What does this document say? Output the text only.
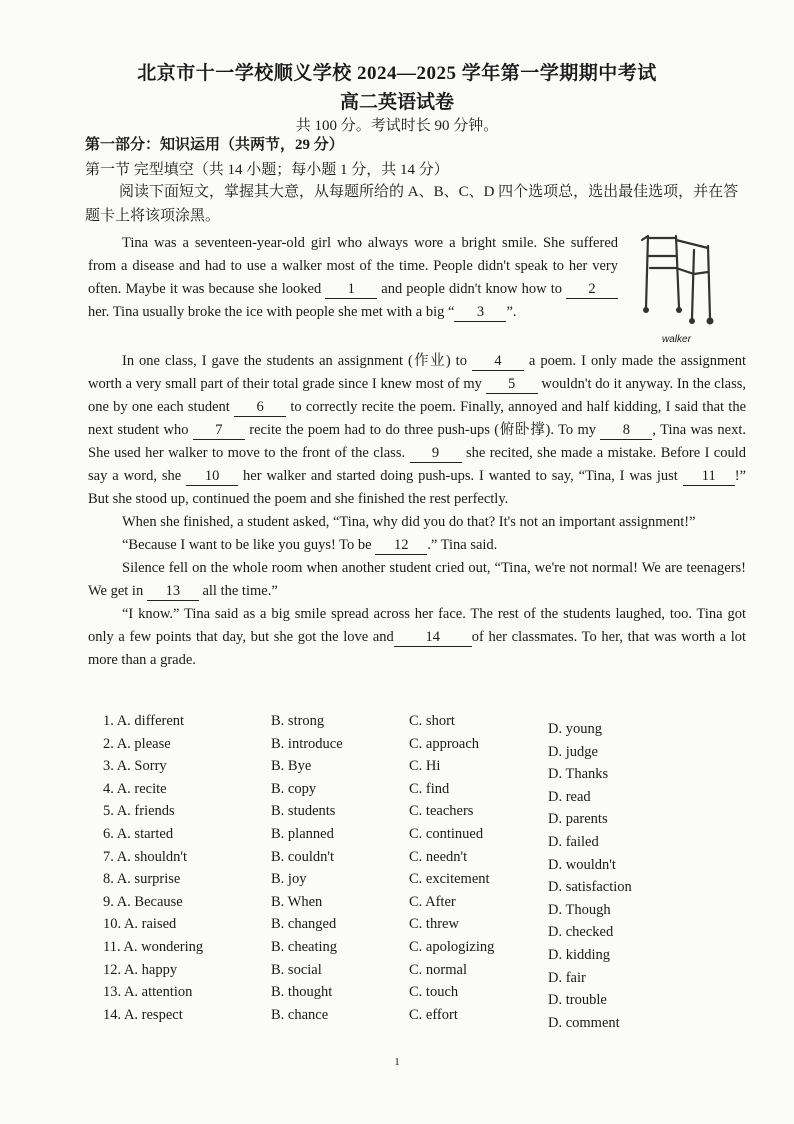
北京市十一学校顺义学校 2024—2025 学年第一学期期中考试
高二英语试卷
共 100 分。考试时长 90 分钟。
第一部分：知识运用（共两节，29 分）
第一节 完型填空（共 14 小题；每小题 1 分，共 14 分）
阅读下面短文，掌握其大意，从每题所给的 A、B、C、D 四个选项总，选出最佳选项，并在答题卡上将该项涂黑。
walker

Tina was a seventeen-year-old girl who always wore a bright smile. She suffered from a disease and had to use a walker most of the time. People didn't speak to her very often. Maybe it was because she looked 1 and people didn't know how to 2 her. Tina usually broke the ice with people she met with a big “ 3 ”.

In one class, I gave the students an assignment (作业) to 4 a poem. I only made the assignment worth a very small part of their total grade since I knew most of my 5 wouldn't do it anyway. In the class, one by one each student 6 to correctly recite the poem. Finally, annoyed and half kidding, I said that the next student who 7 recite the poem had to do three push-ups (俯卧撑). To my 8 , Tina was next. She used her walker to move to the front of the class. 9 she recited, she made a mistake. Before I could say a word, she 10 her walker and started doing push-ups. I wanted to say, “Tina, I was just 11 !” But she stood up, continued the poem and she finished the rest perfectly.

When she finished, a student asked, “Tina, why did you do that? It's not an important assignment!”

“Because I want to be like you guys! To be 12 .” Tina said.

Silence fell on the whole room when another student cried out, “Tina, we're not normal! We are teenagers! We get in 13 all the time.”

“I know.” Tina said as a big smile spread across her face. The rest of the students laughed, too. Tina got only a few points that day, but she got the love and 14 of her classmates. To her, that was worth a lot more than a grade.

1. A. different	B. strong	C. short	D. young
2. A. please	B. introduce	C. approach	D. judge
3. A. Sorry	B. Bye	C. Hi	D. Thanks
4. A. recite	B. copy	C. find	D. read
5. A. friends	B. students	C. teachers	D. parents
6. A. started	B. planned	C. continued	D. failed
7. A. shouldn't	B. couldn't	C. needn't	D. wouldn't
8. A. surprise	B. joy	C. excitement	D. satisfaction
9. A. Because	B. When	C. After	D. Though
10. A. raised	B. changed	C. threw	D. checked
11. A. wondering	B. cheating	C. apologizing	D. kidding
12. A. happy	B. social	C. normal	D. fair
13. A. attention	B. thought	C. touch	D. trouble
14. A. respect	B. chance	C. effort	D. comment
1
